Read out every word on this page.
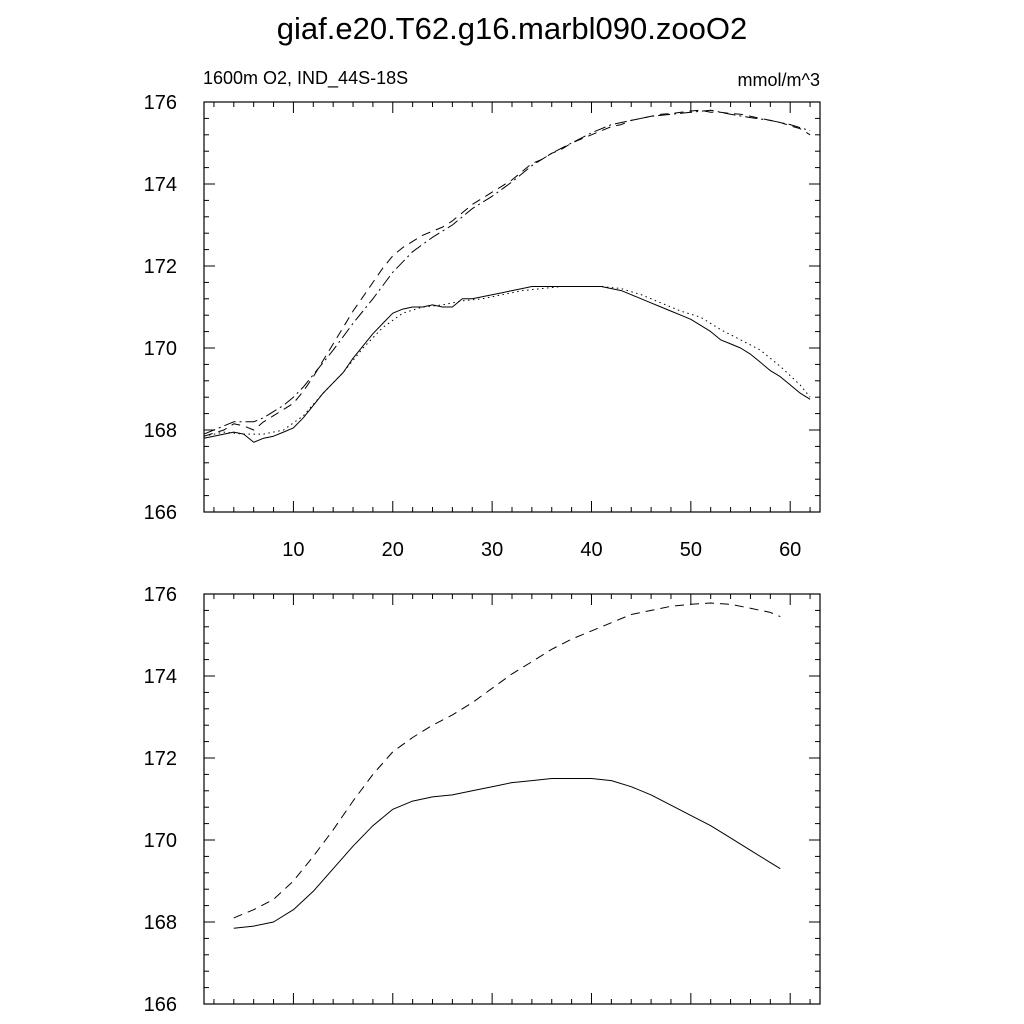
giaf.e20.T62.g16.marbl090.zooO2
1600m O2, IND_44S-18S	mmol/m^3
10	20	30	40	50	60
166
168
170
172
174
176
166
168
170
172
174
176
